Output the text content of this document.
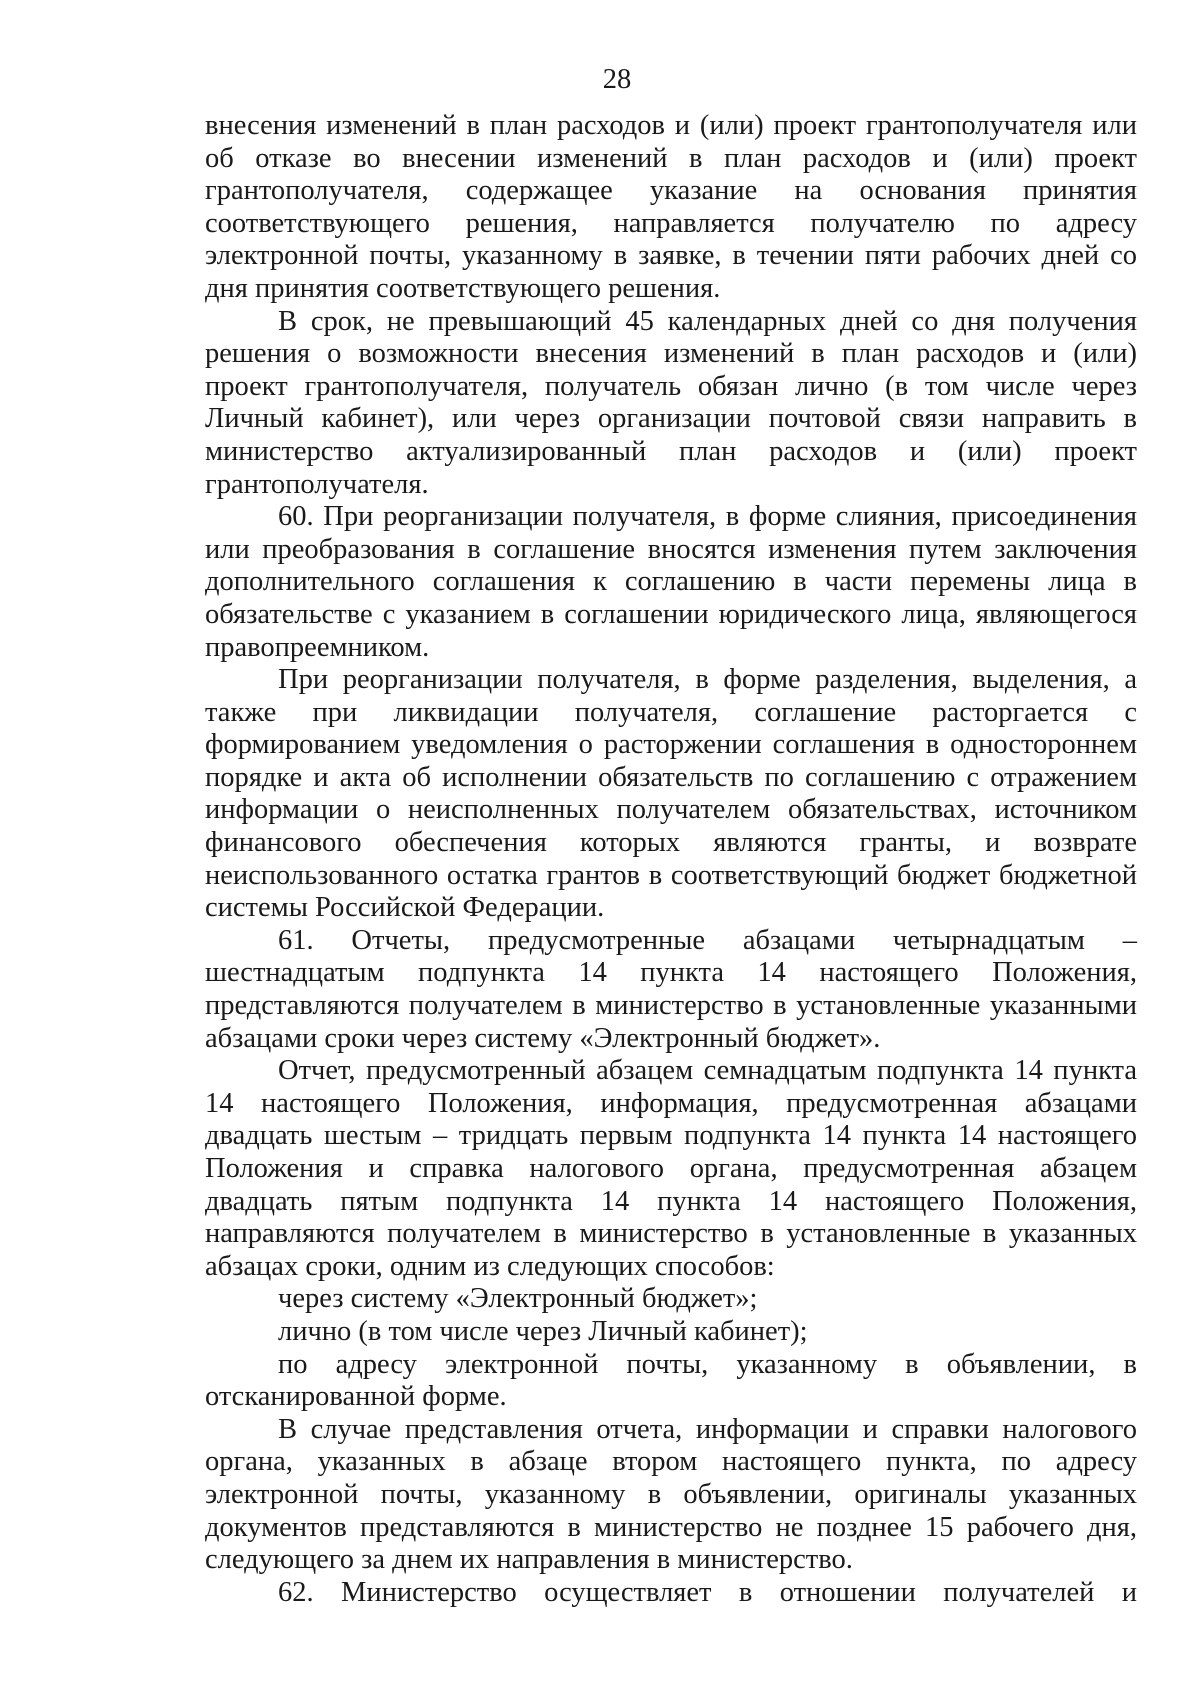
28

внесения изменений в план расходов и (или) проект грантополучателя или об отказе во внесении изменений в план расходов и (или) проект грантополучателя, содержащее указание на основания принятия соответствующего решения, направляется получателю по адресу электронной почты, указанному в заявке, в течении пяти рабочих дней со дня принятия соответствующего решения.

В срок, не превышающий 45 календарных дней со дня получения решения о возможности внесения изменений в план расходов и (или) проект грантополучателя, получатель обязан лично (в том числе через Личный кабинет), или через организации почтовой связи направить в министерство актуализированный план расходов и (или) проект грантополучателя.

60. При реорганизации получателя, в форме слияния, присоединения или преобразования в соглашение вносятся изменения путем заключения дополнительного соглашения к соглашению в части перемены лица в обязательстве с указанием в соглашении юридического лица, являющегося правопреемником.

При реорганизации получателя, в форме разделения, выделения, а также при ликвидации получателя, соглашение расторгается с формированием уведомления о расторжении соглашения в одностороннем порядке и акта об исполнении обязательств по соглашению с отражением информации о неисполненных получателем обязательствах, источником финансового обеспечения которых являются гранты, и возврате неиспользованного остатка грантов в соответствующий бюджет бюджетной системы Российской Федерации.

61. Отчеты, предусмотренные абзацами четырнадцатым – шестнадцатым подпункта 14 пункта 14 настоящего Положения, представляются получателем в министерство в установленные указанными абзацами сроки через систему «Электронный бюджет».

Отчет, предусмотренный абзацем семнадцатым подпункта 14 пункта 14 настоящего Положения, информация, предусмотренная абзацами двадцать шестым – тридцать первым подпункта 14 пункта 14 настоящего Положения и справка налогового органа, предусмотренная абзацем двадцать пятым подпункта 14 пункта 14 настоящего Положения, направляются получателем в министерство в установленные в указанных абзацах сроки, одним из следующих способов:

через систему «Электронный бюджет»;

лично (в том числе через Личный кабинет);

по адресу электронной почты, указанному в объявлении, в отсканированной форме.

В случае представления отчета, информации и справки налогового органа, указанных в абзаце втором настоящего пункта, по адресу электронной почты, указанному в объявлении, оригиналы указанных документов представляются в министерство не позднее 15 рабочего дня, следующего за днем их направления в министерство.

62. Министерство осуществляет в отношении получателей и
